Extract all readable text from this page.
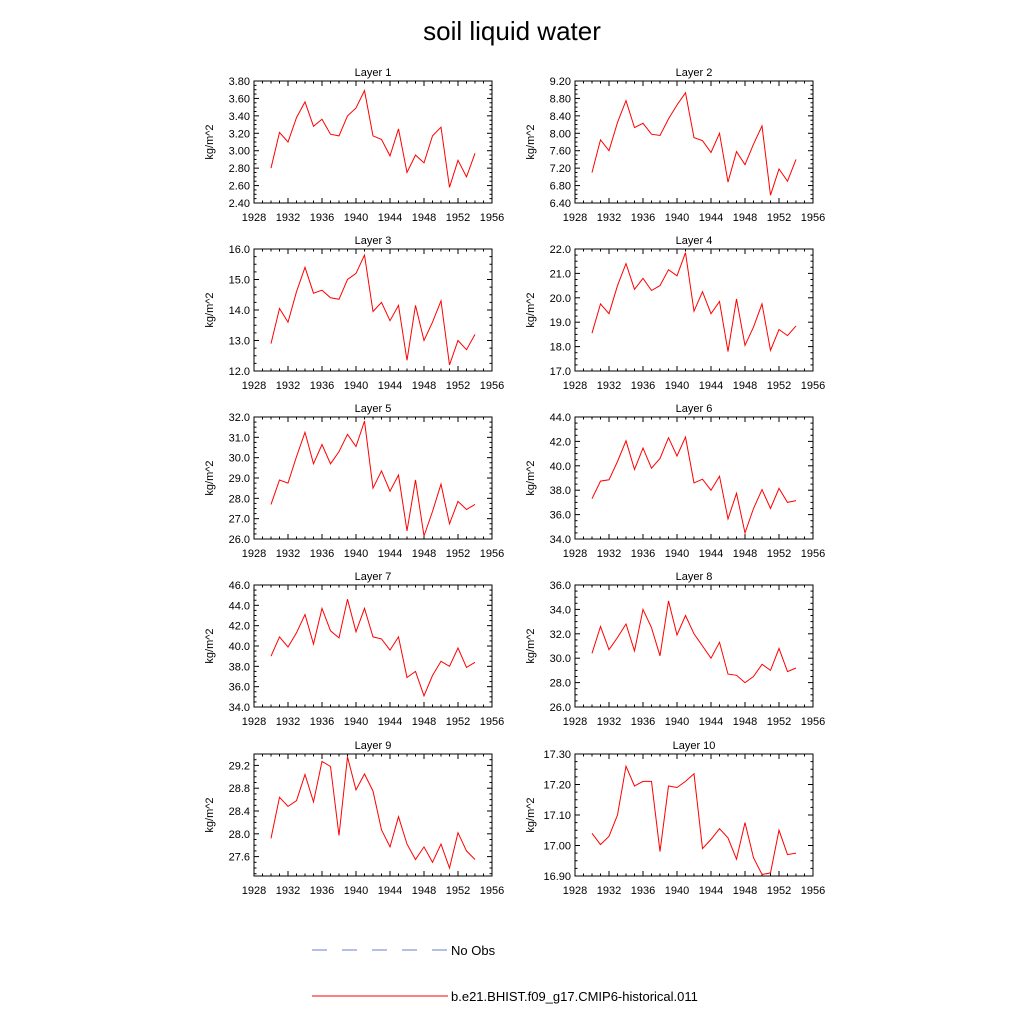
soil liquid water
Layer 1
kg/m^2
1928 1932 1936 1940 1944 1948 1952 1956
2.40
2.60
2.80
3.00
3.20
3.40
3.60
3.80
Layer 2
kg/m^2
1928 1932 1936 1940 1944 1948 1952 1956
6.40
6.80
7.20
7.60
8.00
8.40
8.80
9.20
Layer 3
kg/m^2
1928 1932 1936 1940 1944 1948 1952 1956
12.0
13.0
14.0
15.0
16.0
Layer 4
kg/m^2
1928 1932 1936 1940 1944 1948 1952 1956
17.0
18.0
19.0
20.0
21.0
22.0
Layer 5
kg/m^2
1928 1932 1936 1940 1944 1948 1952 1956
26.0
27.0
28.0
29.0
30.0
31.0
32.0
Layer 6
kg/m^2
1928 1932 1936 1940 1944 1948 1952 1956
34.0
36.0
38.0
40.0
42.0
44.0
Layer 7
kg/m^2
1928 1932 1936 1940 1944 1948 1952 1956
34.0
36.0
38.0
40.0
42.0
44.0
46.0
Layer 8
kg/m^2
1928 1932 1936 1940 1944 1948 1952 1956
26.0
28.0
30.0
32.0
34.0
36.0
Layer 9
kg/m^2
1928 1932 1936 1940 1944 1948 1952 1956
27.6
28.0
28.4
28.8
29.2
Layer 10
kg/m^2
1928 1932 1936 1940 1944 1948 1952 1956
16.90
17.00
17.10
17.20
17.30
No Obs
b.e21.BHIST.f09_g17.CMIP6-historical.011
